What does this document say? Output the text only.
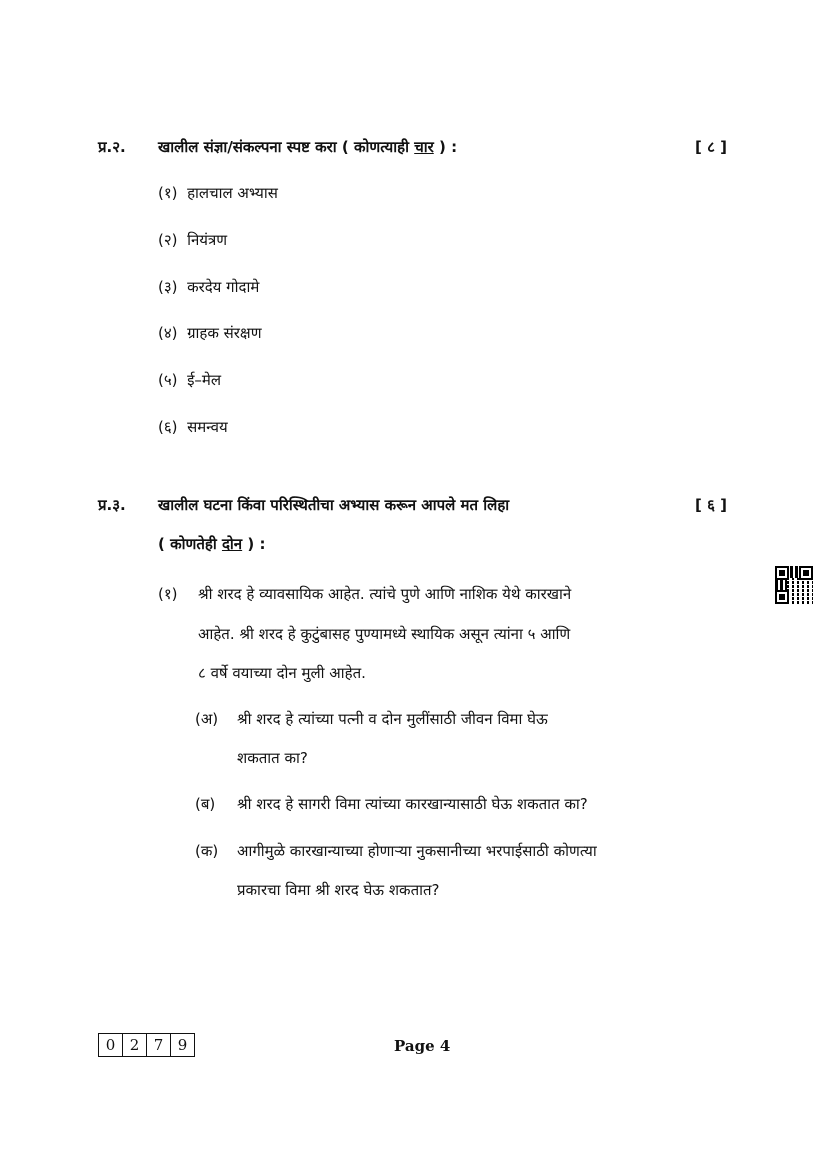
प्र.२. खालील संज्ञा/संकल्पना स्पष्ट करा ( कोणत्याही चार ) :	[ ८ ]
(१) हालचाल अभ्यास
(२) नियंत्रण
(३) करदेय गोदामे
(४) ग्राहक संरक्षण
(५) ई–मेल
(६) समन्वय
प्र.३. खालील घटना किंवा परिस्थितीचा अभ्यास करून आपले मत लिहा	[ ६ ]
( कोणतेही दोन ) :
(१) श्री शरद हे व्यावसायिक आहेत. त्यांचे पुणे आणि नाशिक येथे कारखाने
आहेत. श्री शरद हे कुटुंबासह पुण्यामध्ये स्थायिक असून त्यांना ५ आणि
८ वर्षे वयाच्या दोन मुली आहेत.
(अ) श्री शरद हे त्यांच्या पत्नी व दोन मुलींसाठी जीवन विमा घेऊ
शकतात का?
(ब) श्री शरद हे सागरी विमा त्यांच्या कारखान्यासाठी घेऊ शकतात का?
(क) आगीमुळे कारखान्याच्या होणाऱ्या नुकसानीच्या भरपाईसाठी कोणत्या
प्रकारचा विमा श्री शरद घेऊ शकतात?
0 2 7 9	Page 4
